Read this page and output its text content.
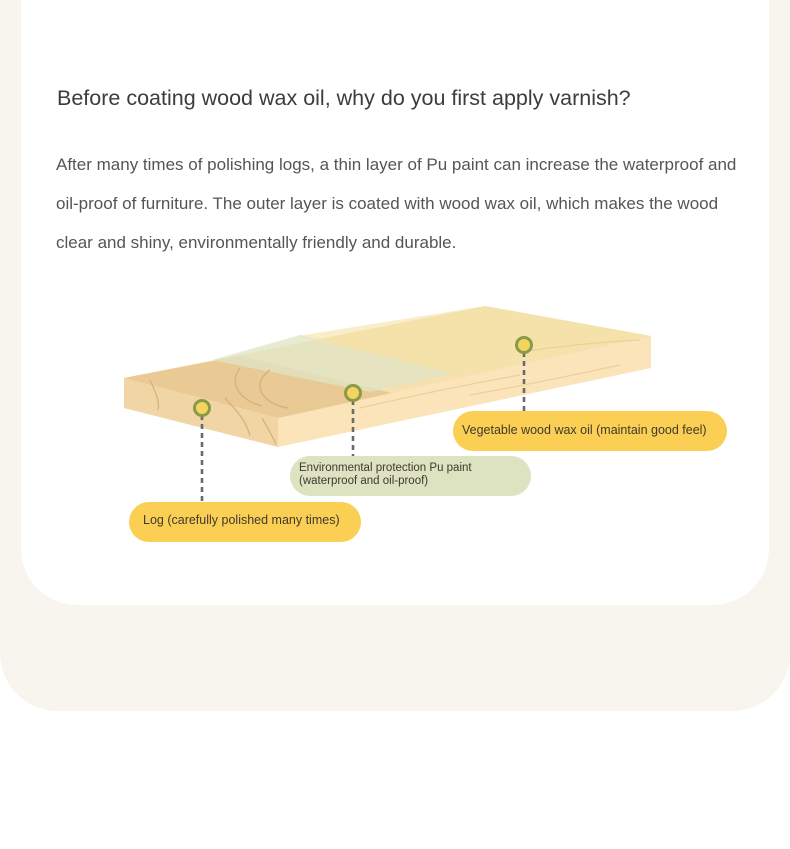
Before coating wood wax oil, why do you first apply varnish?

After many times of polishing logs, a thin layer of Pu paint can increase the waterproof and oil-proof of furniture. The outer layer is coated with wood wax oil, which makes the wood clear and shiny, environmentally friendly and durable.

Vegetable wood wax oil (maintain good feel)
Environmental protection Pu paint (waterproof and oil-proof)
Log (carefully polished many times)
